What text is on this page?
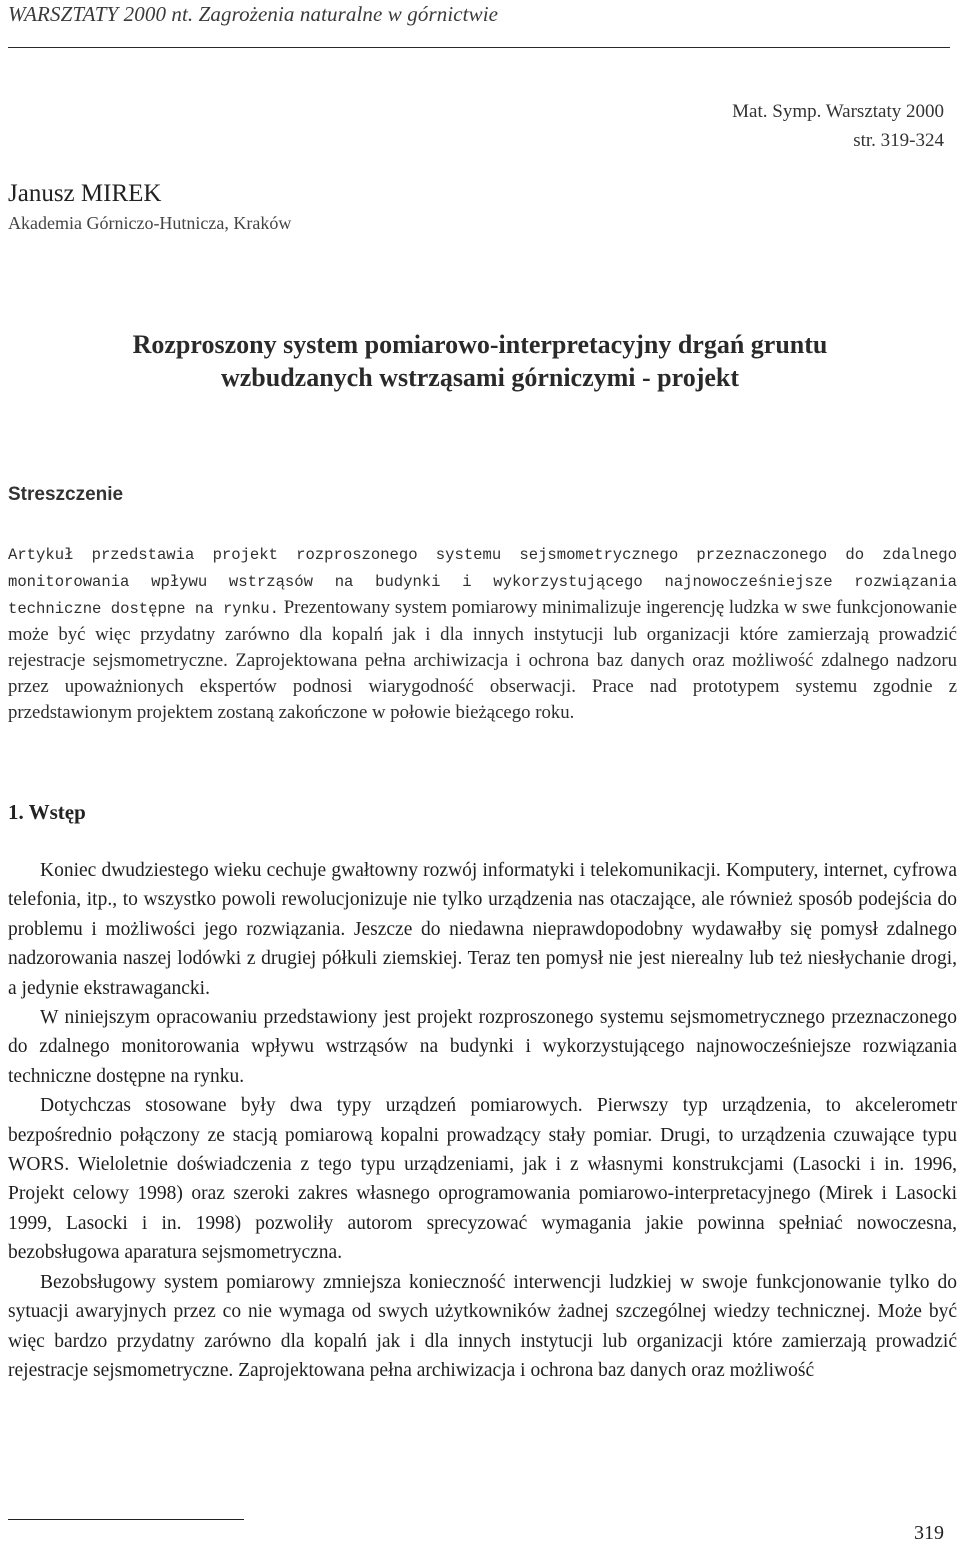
WARSZTATY 2000 nt. Zagrożenia naturalne w górnictwie
Mat. Symp. Warsztaty 2000
str. 319-324
Janusz MIREK
Akademia Górniczo-Hutnicza, Kraków
Rozproszony system pomiarowo-interpretacyjny drgań gruntu
wzbudzanych wstrząsami górniczymi - projekt
Streszczenie

Artykuł przedstawia projekt rozproszonego systemu sejsmometrycznego przeznaczonego do zdalnego monitorowania wpływu wstrząsów na budynki i wykorzystującego najnowocześniejsze rozwiązania techniczne dostępne na rynku. Prezentowany system pomiarowy minimalizuje ingerencję ludzka w swe funkcjonowanie może być więc przydatny zarówno dla kopalń jak i dla innych instytucji lub organizacji które zamierzają prowadzić rejestracje sejsmometryczne. Zaprojektowana pełna archiwizacja i ochrona baz danych oraz możliwość zdalnego nadzoru przez upoważnionych ekspertów podnosi wiarygodność obserwacji. Prace nad prototypem systemu zgodnie z przedstawionym projektem zostaną zakończone w połowie bieżącego roku.

1. Wstęp

Koniec dwudziestego wieku cechuje gwałtowny rozwój informatyki i telekomunikacji. Komputery, internet, cyfrowa telefonia, itp., to wszystko powoli rewolucjonizuje nie tylko urządzenia nas otaczające, ale również sposób podejścia do problemu i możliwości jego rozwiązania. Jeszcze do niedawna nieprawdopodobny wydawałby się pomysł zdalnego nadzorowania naszej lodówki z drugiej półkuli ziemskiej. Teraz ten pomysł nie jest nierealny lub też niesłychanie drogi, a jedynie ekstrawagancki.

W niniejszym opracowaniu przedstawiony jest projekt rozproszonego systemu sejsmometrycznego przeznaczonego do zdalnego monitorowania wpływu wstrząsów na budynki i wykorzystującego najnowocześniejsze rozwiązania techniczne dostępne na rynku.

Dotychczas stosowane były dwa typy urządzeń pomiarowych. Pierwszy typ urządzenia, to akcelerometr bezpośrednio połączony ze stacją pomiarową kopalni prowadzący stały pomiar. Drugi, to urządzenia czuwające typu WORS. Wieloletnie doświadczenia z tego typu urządzeniami, jak i z własnymi konstrukcjami (Lasocki i in. 1996, Projekt celowy 1998) oraz szeroki zakres własnego oprogramowania pomiarowo-interpretacyjnego (Mirek i Lasocki 1999, Lasocki i in. 1998) pozwoliły autorom sprecyzować wymagania jakie powinna spełniać nowoczesna, bezobsługowa aparatura sejsmometryczna.

Bezobsługowy system pomiarowy zmniejsza konieczność interwencji ludzkiej w swoje funkcjonowanie tylko do sytuacji awaryjnych przez co nie wymaga od swych użytkowników żadnej szczególnej wiedzy technicznej. Może być więc bardzo przydatny zarówno dla kopalń jak i dla innych instytucji lub organizacji które zamierzają prowadzić rejestracje sejsmometryczne. Zaprojektowana pełna archiwizacja i ochrona baz danych oraz możliwość

319
